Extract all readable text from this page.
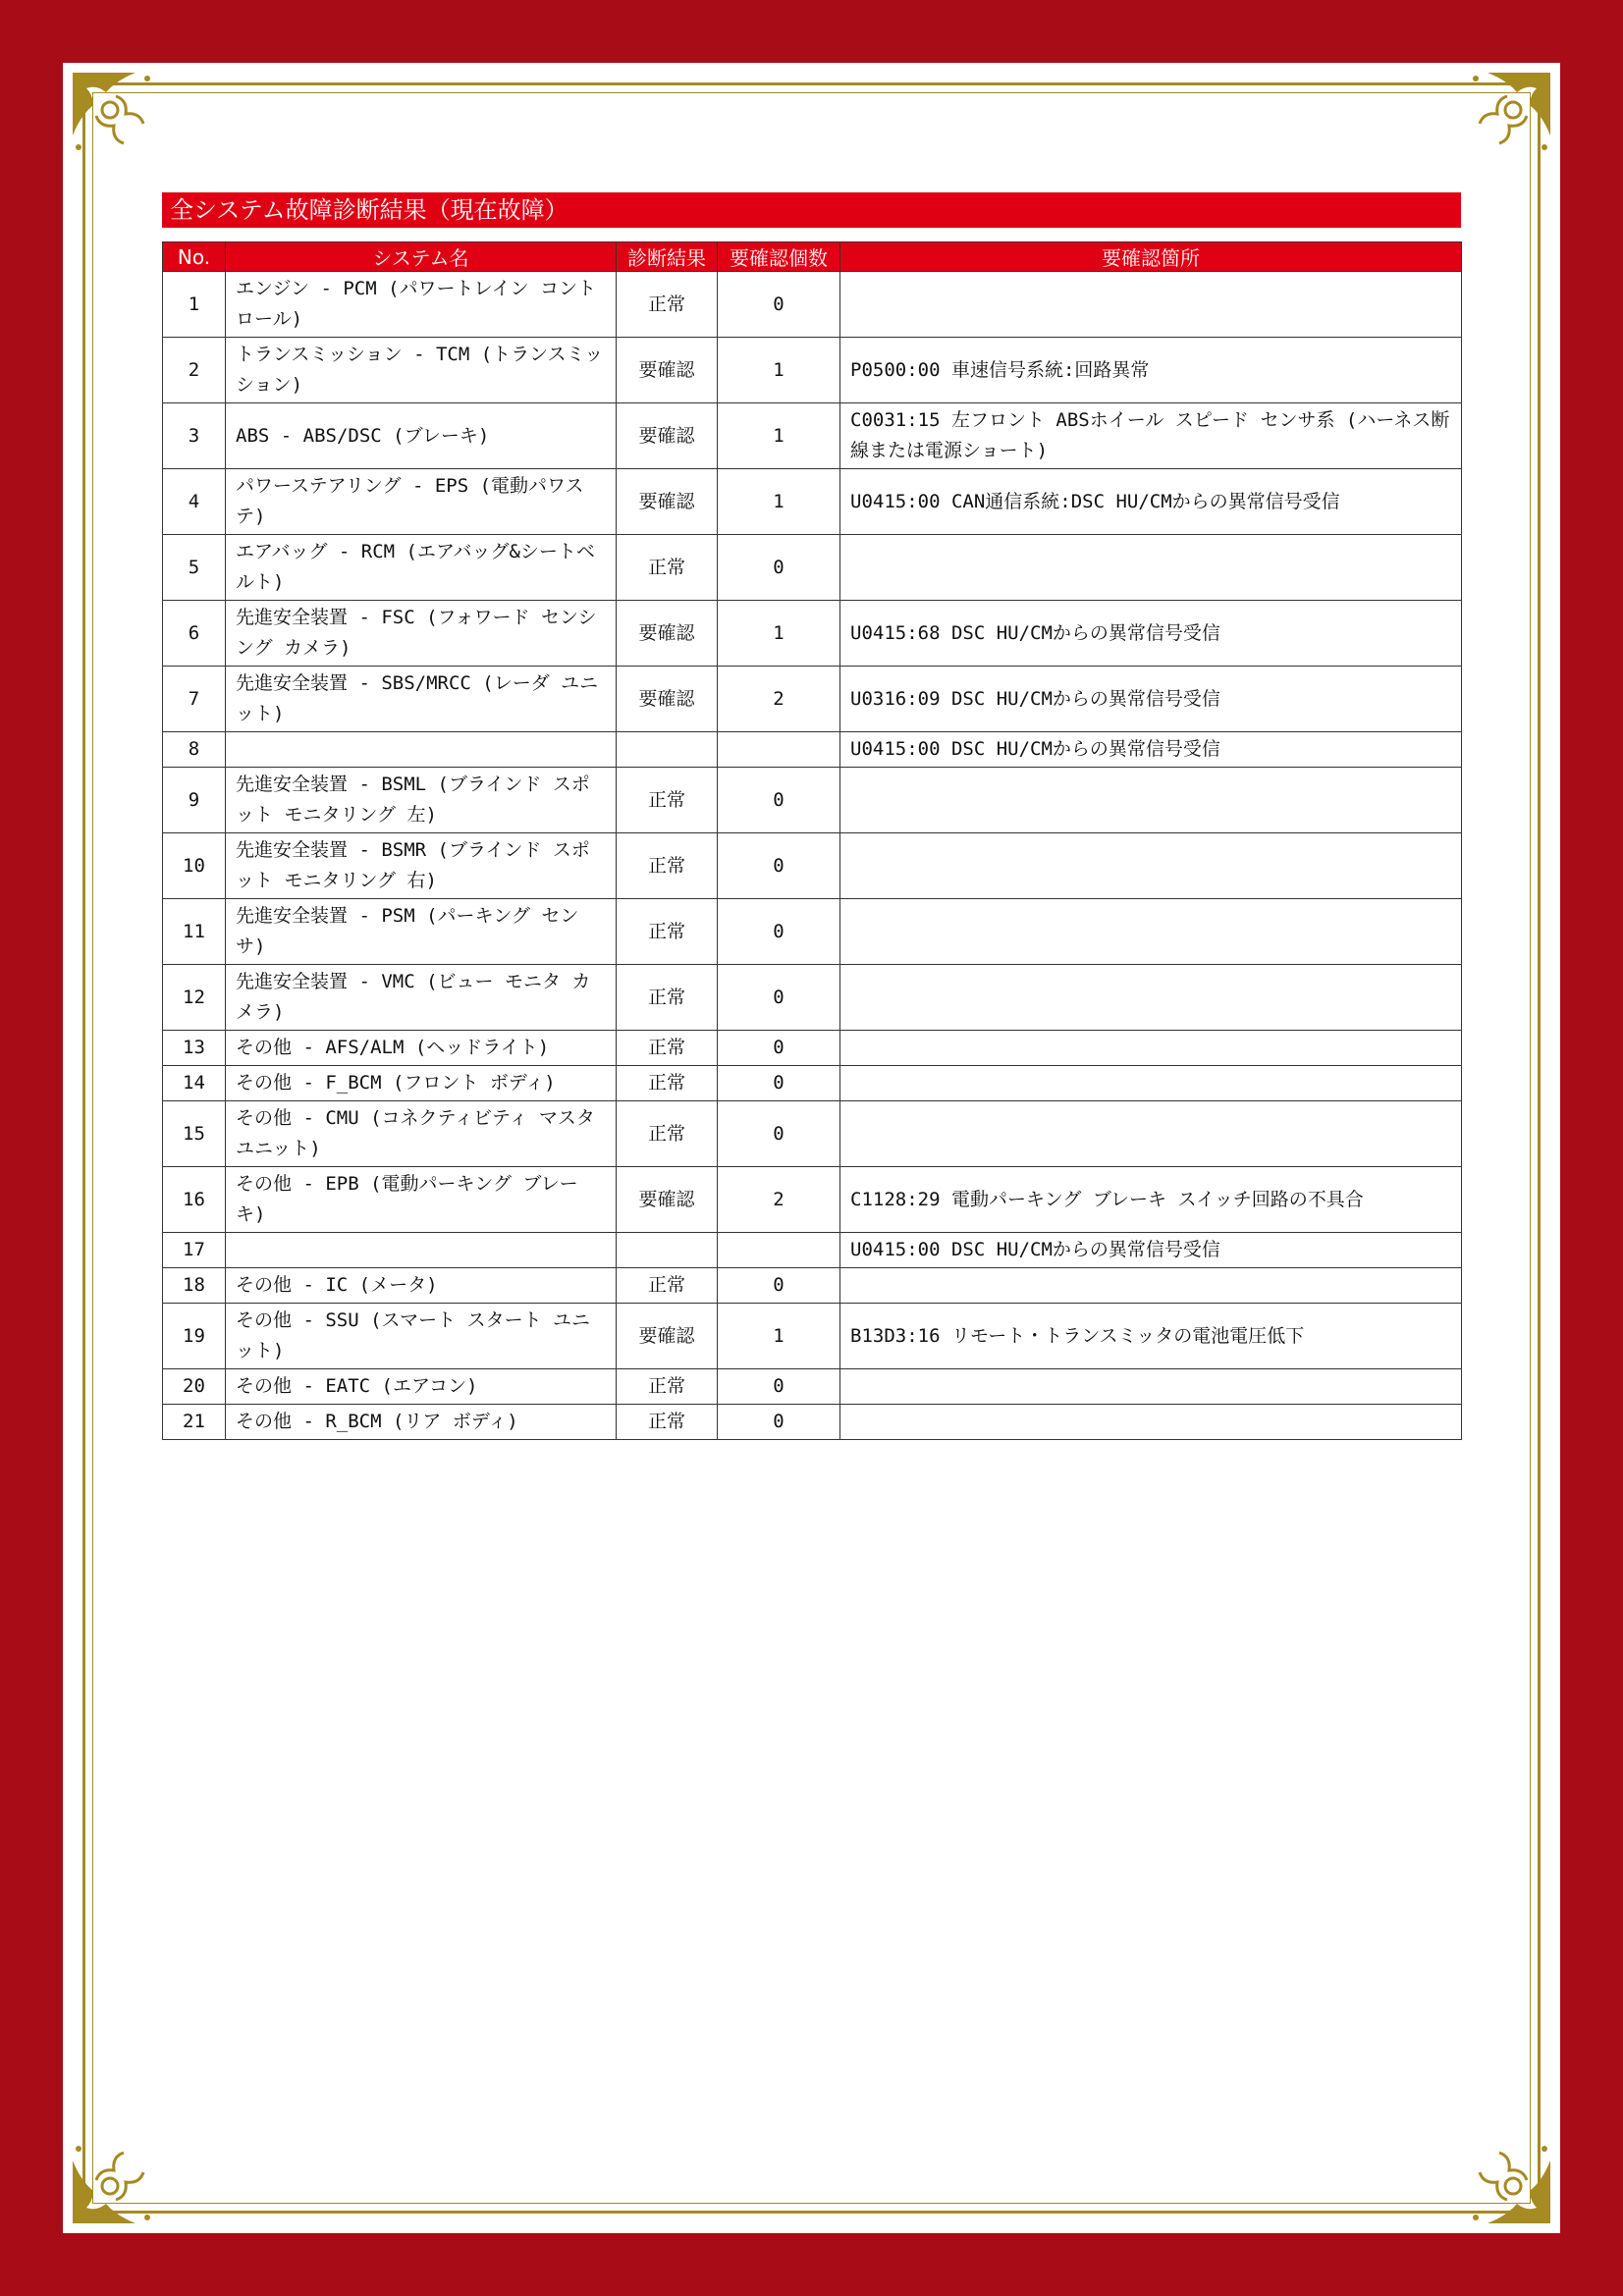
全システム故障診断結果（現在故障）
No.	システム名	診断結果	要確認個数	要確認箇所
1	エンジン - PCM (パワートレイン コントロール)	正常	0	
2	トランスミッション - TCM (トランスミッション)	要確認	1	P0500:00 車速信号系統:回路異常
3	ABS - ABS/DSC (ブレーキ)	要確認	1	C0031:15 左フロント ABSホイール スピード センサ系 (ハーネス断線または電源ショート)
4	パワーステアリング - EPS (電動パワステ)	要確認	1	U0415:00 CAN通信系統:DSC HU/CMからの異常信号受信
5	エアバッグ - RCM (エアバッグ&シートベルト)	正常	0	
6	先進安全装置 - FSC (フォワード センシング カメラ)	要確認	1	U0415:68 DSC HU/CMからの異常信号受信
7	先進安全装置 - SBS/MRCC (レーダ ユニット)	要確認	2	U0316:09 DSC HU/CMからの異常信号受信
8				U0415:00 DSC HU/CMからの異常信号受信
9	先進安全装置 - BSML (ブラインド スポット モニタリング 左)	正常	0	
10	先進安全装置 - BSMR (ブラインド スポット モニタリング 右)	正常	0	
11	先進安全装置 - PSM (パーキング センサ)	正常	0	
12	先進安全装置 - VMC (ビュー モニタ カメラ)	正常	0	
13	その他 - AFS/ALM (ヘッドライト)	正常	0	
14	その他 - F_BCM (フロント ボディ)	正常	0	
15	その他 - CMU (コネクティビティ マスタ ユニット)	正常	0	
16	その他 - EPB (電動パーキング ブレーキ)	要確認	2	C1128:29 電動パーキング ブレーキ スイッチ回路の不具合
17				U0415:00 DSC HU/CMからの異常信号受信
18	その他 - IC (メータ)	正常	0	
19	その他 - SSU (スマート スタート ユニット)	要確認	1	B13D3:16 リモート・トランスミッタの電池電圧低下
20	その他 - EATC (エアコン)	正常	0	
21	その他 - R_BCM (リア ボディ)	正常	0	
